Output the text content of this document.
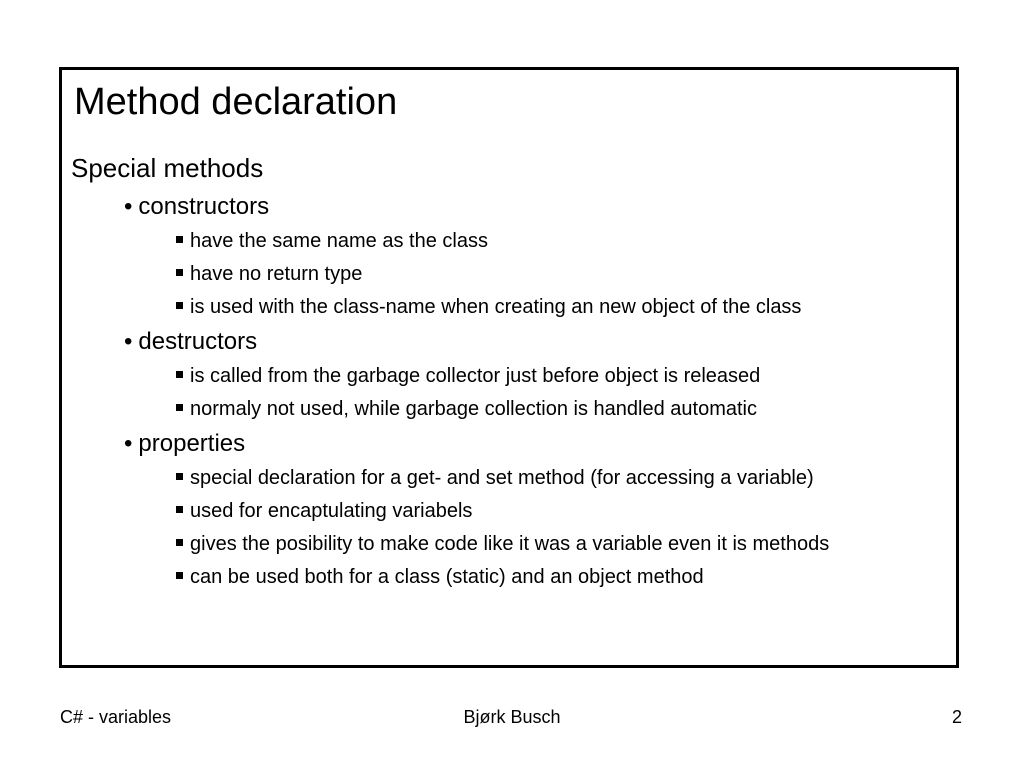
Method declaration
Special methods
• constructors
have the same name as the class
have no return type
is used with the class-name when creating an new object of the class
• destructors
is called from the garbage collector just before object is released
normaly not used, while garbage collection is handled automatic
• properties
special declaration for a get- and set method (for accessing a variable)
used for encaptulating variabels
gives the posibility to make code like it was a variable even it is methods
can be used both for a class (static) and an object method
C# - variables	Bjørk Busch	2
